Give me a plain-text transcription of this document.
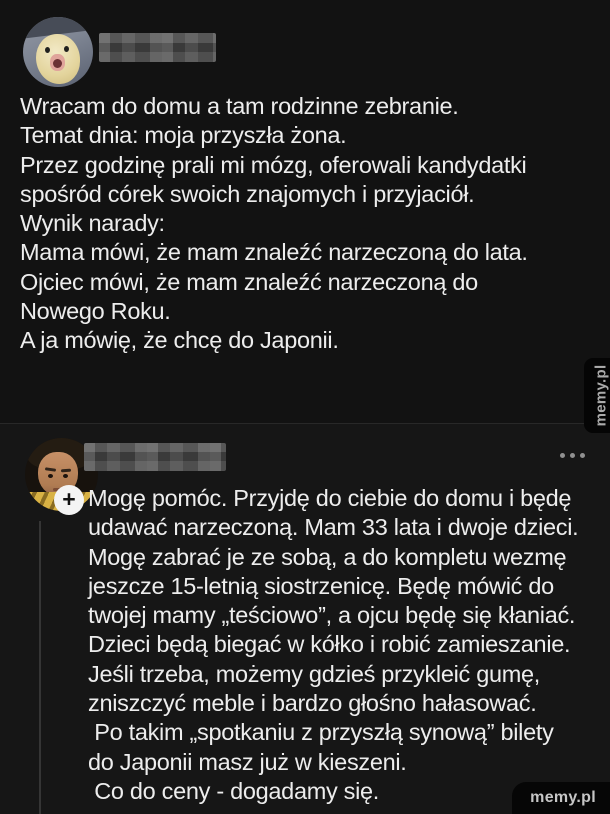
Wracam do domu a tam rodzinne zebranie.
Temat dnia: moja przyszła żona.
Przez godzinę prali mi mózg, oferowali kandydatki
spośród córek swoich znajomych i przyjaciół.
Wynik narady:
Mama mówi, że mam znaleźć narzeczoną do lata.
Ojciec mówi, że mam znaleźć narzeczoną do
Nowego Roku.
A ja mówię, że chcę do Japonii.
memy.pl
+ Mogę pomóc. Przyjdę do ciebie do domu i będę
udawać narzeczoną. Mam 33 lata i dwoje dzieci.
Mogę zabrać je ze sobą, a do kompletu wezmę
jeszcze 15-letnią siostrzenicę. Będę mówić do
twojej mamy „teściowo”, a ojcu będę się kłaniać.
Dzieci będą biegać w kółko i robić zamieszanie.
Jeśli trzeba, możemy gdzieś przykleić gumę,
zniszczyć meble i bardzo głośno hałasować.
Po takim „spotkaniu z przyszłą synową” bilety
do Japonii masz już w kieszeni.
Co do ceny - dogadamy się.	memy.pl
